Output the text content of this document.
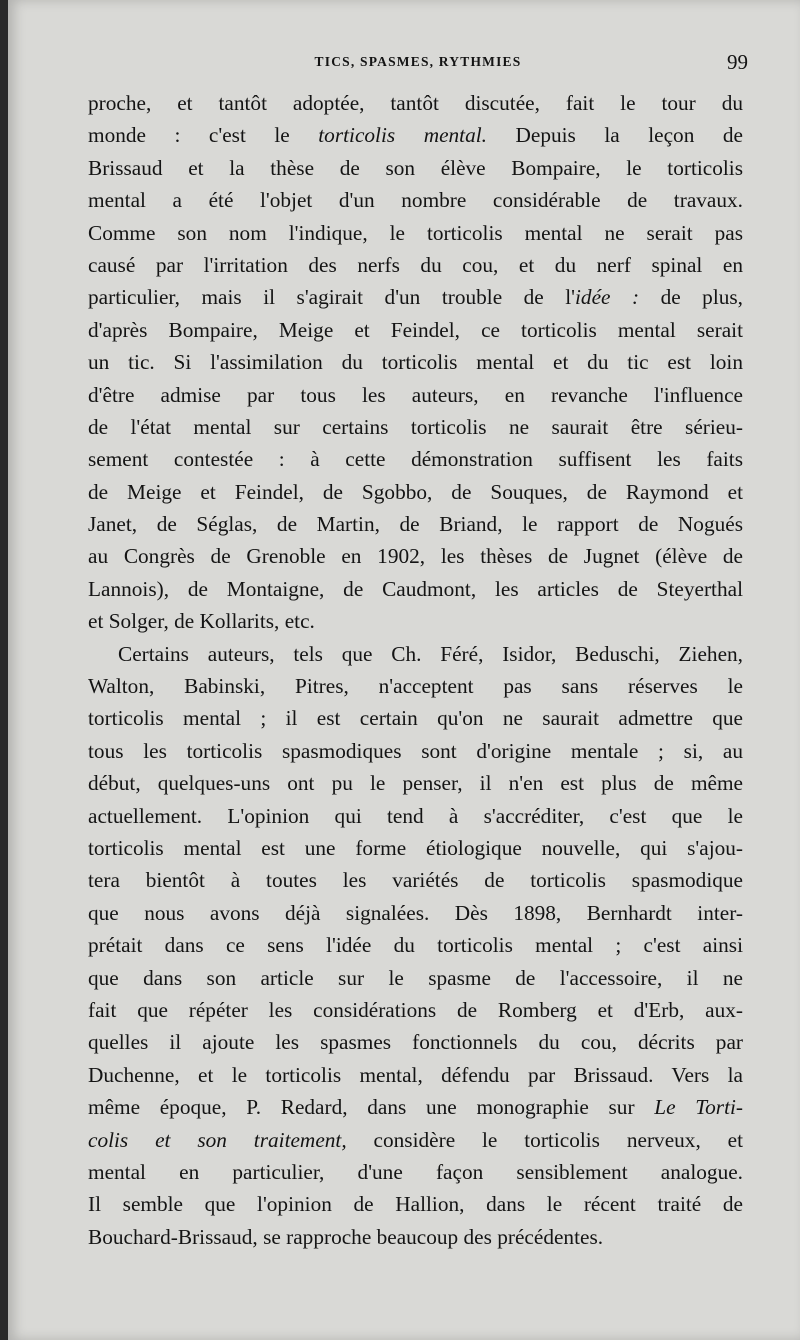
TICS, SPASMES, RYTHMIES	99
proche, et tantôt adoptée, tantôt discutée, fait le tour du
monde : c'est le torticolis mental. Depuis la leçon de
Brissaud et la thèse de son élève Bompaire, le torticolis
mental a été l'objet d'un nombre considérable de travaux.
Comme son nom l'indique, le torticolis mental ne serait pas
causé par l'irritation des nerfs du cou, et du nerf spinal en
particulier, mais il s'agirait d'un trouble de l'idée : de plus,
d'après Bompaire, Meige et Feindel, ce torticolis mental serait
un tic. Si l'assimilation du torticolis mental et du tic est loin
d'être admise par tous les auteurs, en revanche l'influence
de l'état mental sur certains torticolis ne saurait être sérieu-
sement contestée : à cette démonstration suffisent les faits
de Meige et Feindel, de Sgobbo, de Souques, de Raymond et
Janet, de Séglas, de Martin, de Briand, le rapport de Nogués
au Congrès de Grenoble en 1902, les thèses de Jugnet (élève de
Lannois), de Montaigne, de Caudmont, les articles de Steyerthal
et Solger, de Kollarits, etc.
Certains auteurs, tels que Ch. Féré, Isidor, Beduschi, Ziehen,
Walton, Babinski, Pitres, n'acceptent pas sans réserves le
torticolis mental ; il est certain qu'on ne saurait admettre que
tous les torticolis spasmodiques sont d'origine mentale ; si, au
début, quelques-uns ont pu le penser, il n'en est plus de même
actuellement. L'opinion qui tend à s'accréditer, c'est que le
torticolis mental est une forme étiologique nouvelle, qui s'ajou-
tera bientôt à toutes les variétés de torticolis spasmodique
que nous avons déjà signalées. Dès 1898, Bernhardt inter-
prétait dans ce sens l'idée du torticolis mental ; c'est ainsi
que dans son article sur le spasme de l'accessoire, il ne
fait que répéter les considérations de Romberg et d'Erb, aux-
quelles il ajoute les spasmes fonctionnels du cou, décrits par
Duchenne, et le torticolis mental, défendu par Brissaud. Vers la
même époque, P. Redard, dans une monographie sur Le Torti-
colis et son traitement, considère le torticolis nerveux, et
mental en particulier, d'une façon sensiblement analogue.
Il semble que l'opinion de Hallion, dans le récent traité de
Bouchard-Brissaud, se rapproche beaucoup des précédentes.
